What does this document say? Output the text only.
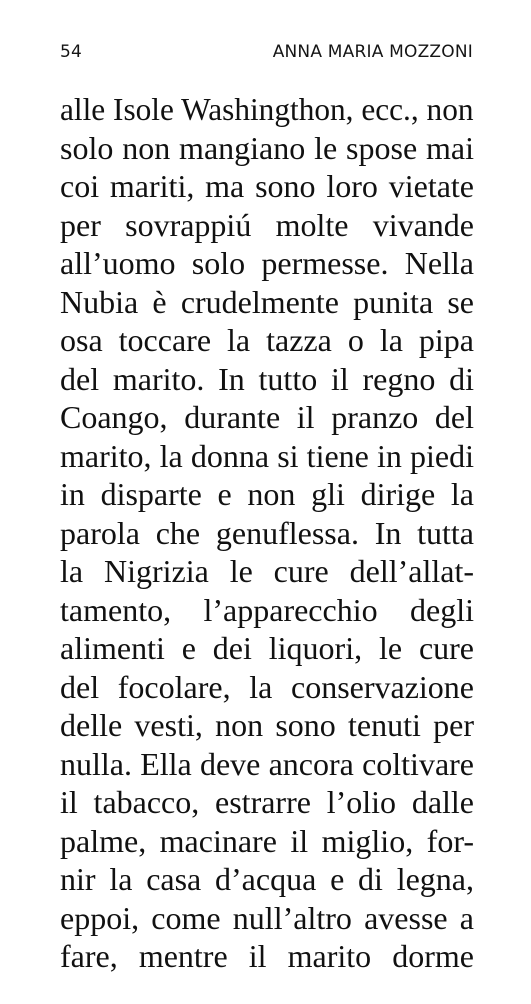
54	ANNA MARIA MOZZONI
alle Isole Washingthon, ecc., non
solo non mangiano le spose mai
coi mariti, ma sono loro vietate
per sovrappiú molte vivande
all’uomo solo permesse. Nella
Nubia è crudelmente punita se
osa toccare la tazza o la pipa
del marito. In tutto il regno di
Coango, durante il pranzo del
marito, la donna si tiene in piedi
in disparte e non gli dirige la
parola che genuflessa. In tutta
la Nigrizia le cure dell’allat-
tamento, l’apparecchio degli
alimenti e dei liquori, le cure
del focolare, la conservazione
delle vesti, non sono tenuti per
nulla. Ella deve ancora coltivare
il tabacco, estrarre l’olio dalle
palme, macinare il miglio, for-
nir la casa d’acqua e di legna,
eppoi, come null’altro avesse a
fare, mentre il marito dorme
